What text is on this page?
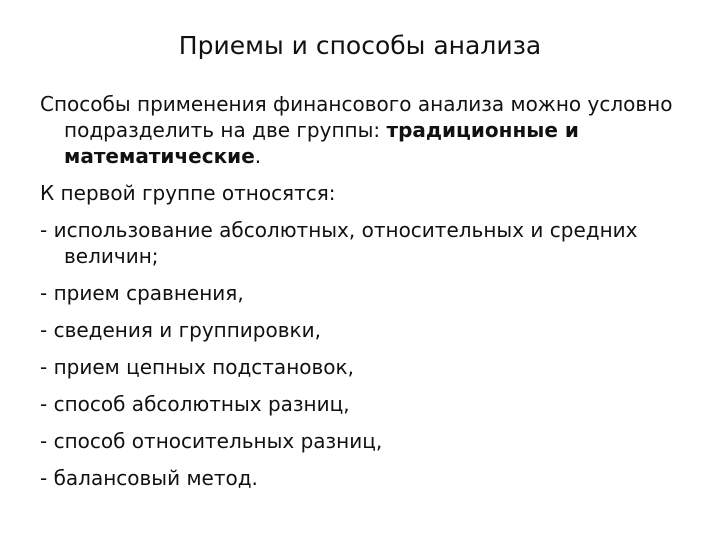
Приемы и способы анализа

Способы применения финансового анализа можно условно подразделить на две группы: традиционные и математические.

К первой группе относятся:

- использование абсолютных, относительных и средних величин;

- прием сравнения,

- сведения и группировки,

- прием цепных подстановок,

- способ абсолютных разниц,

- способ относительных разниц,

- балансовый метод.
